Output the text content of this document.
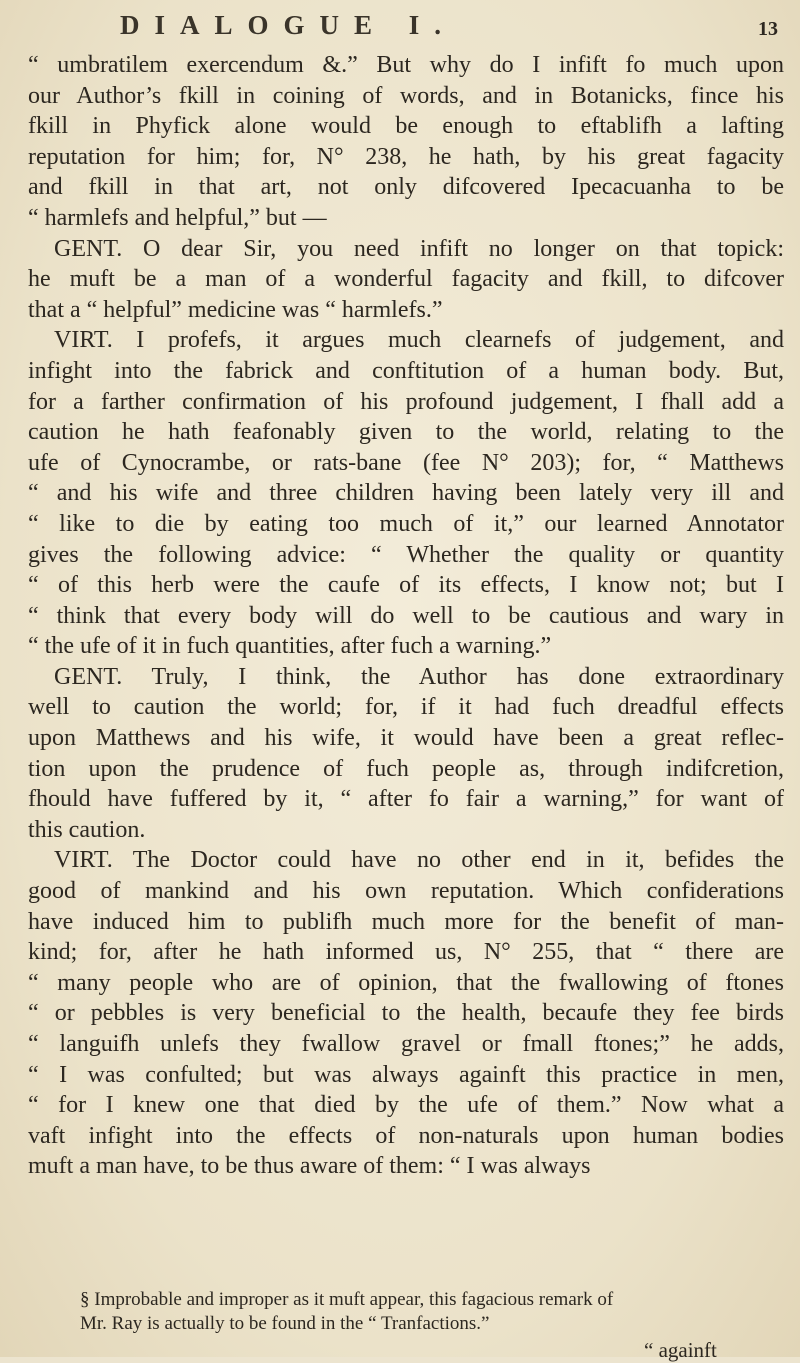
DIALOGUE I.	13
“ umbratilem exercendum &.” But why do I infift fo much upon
our Author’s fkill in coining of words, and in Botanicks, fince his
fkill in Phyfick alone would be enough to eftablifh a lafting
reputation for him; for, N° 238, he hath, by his great fagacity
and fkill in that art, not only difcovered Ipecacuanha to be
“ harmlefs and helpful,” but —
GENT. O dear Sir, you need infift no longer on that topick:
he muft be a man of a wonderful fagacity and fkill, to difcover
that a “ helpful” medicine was “ harmlefs.”
VIRT. I profefs, it argues much clearnefs of judgement, and
infight into the fabrick and conftitution of a human body. But,
for a farther confirmation of his profound judgement, I fhall add a
caution he hath feafonably given to the world, relating to the
ufe of Cynocrambe, or rats-bane (fee N° 203); for, “ Matthews
“ and his wife and three children having been lately very ill and
“ like to die by eating too much of it,” our learned Annotator
gives the following advice: “ Whether the quality or quantity
“ of this herb were the caufe of its effects, I know not; but I
“ think that every body will do well to be cautious and wary in
“ the ufe of it in fuch quantities, after fuch a warning.”
GENT. Truly, I think, the Author has done extraordinary
well to caution the world; for, if it had fuch dreadful effects
upon Matthews and his wife, it would have been a great reflec-
tion upon the prudence of fuch people as, through indifcretion,
fhould have fuffered by it, “ after fo fair a warning,” for want of
this caution.
VIRT. The Doctor could have no other end in it, befides the
good of mankind and his own reputation. Which confiderations
have induced him to publifh much more for the benefit of man-
kind; for, after he hath informed us, N° 255, that “ there are
“ many people who are of opinion, that the fwallowing of ftones
“ or pebbles is very beneficial to the health, becaufe they fee birds
“ languifh unlefs they fwallow gravel or fmall ftones;” he adds,
“ I was confulted; but was always againft this practice in men,
“ for I knew one that died by the ufe of them.” Now what a
vaft infight into the effects of non-naturals upon human bodies
muft a man have, to be thus aware of them: “ I was always
§ Improbable and improper as it muft appear, this fagacious remark of
Mr. Ray is actually to be found in the “ Tranfactions.”
“ againft
